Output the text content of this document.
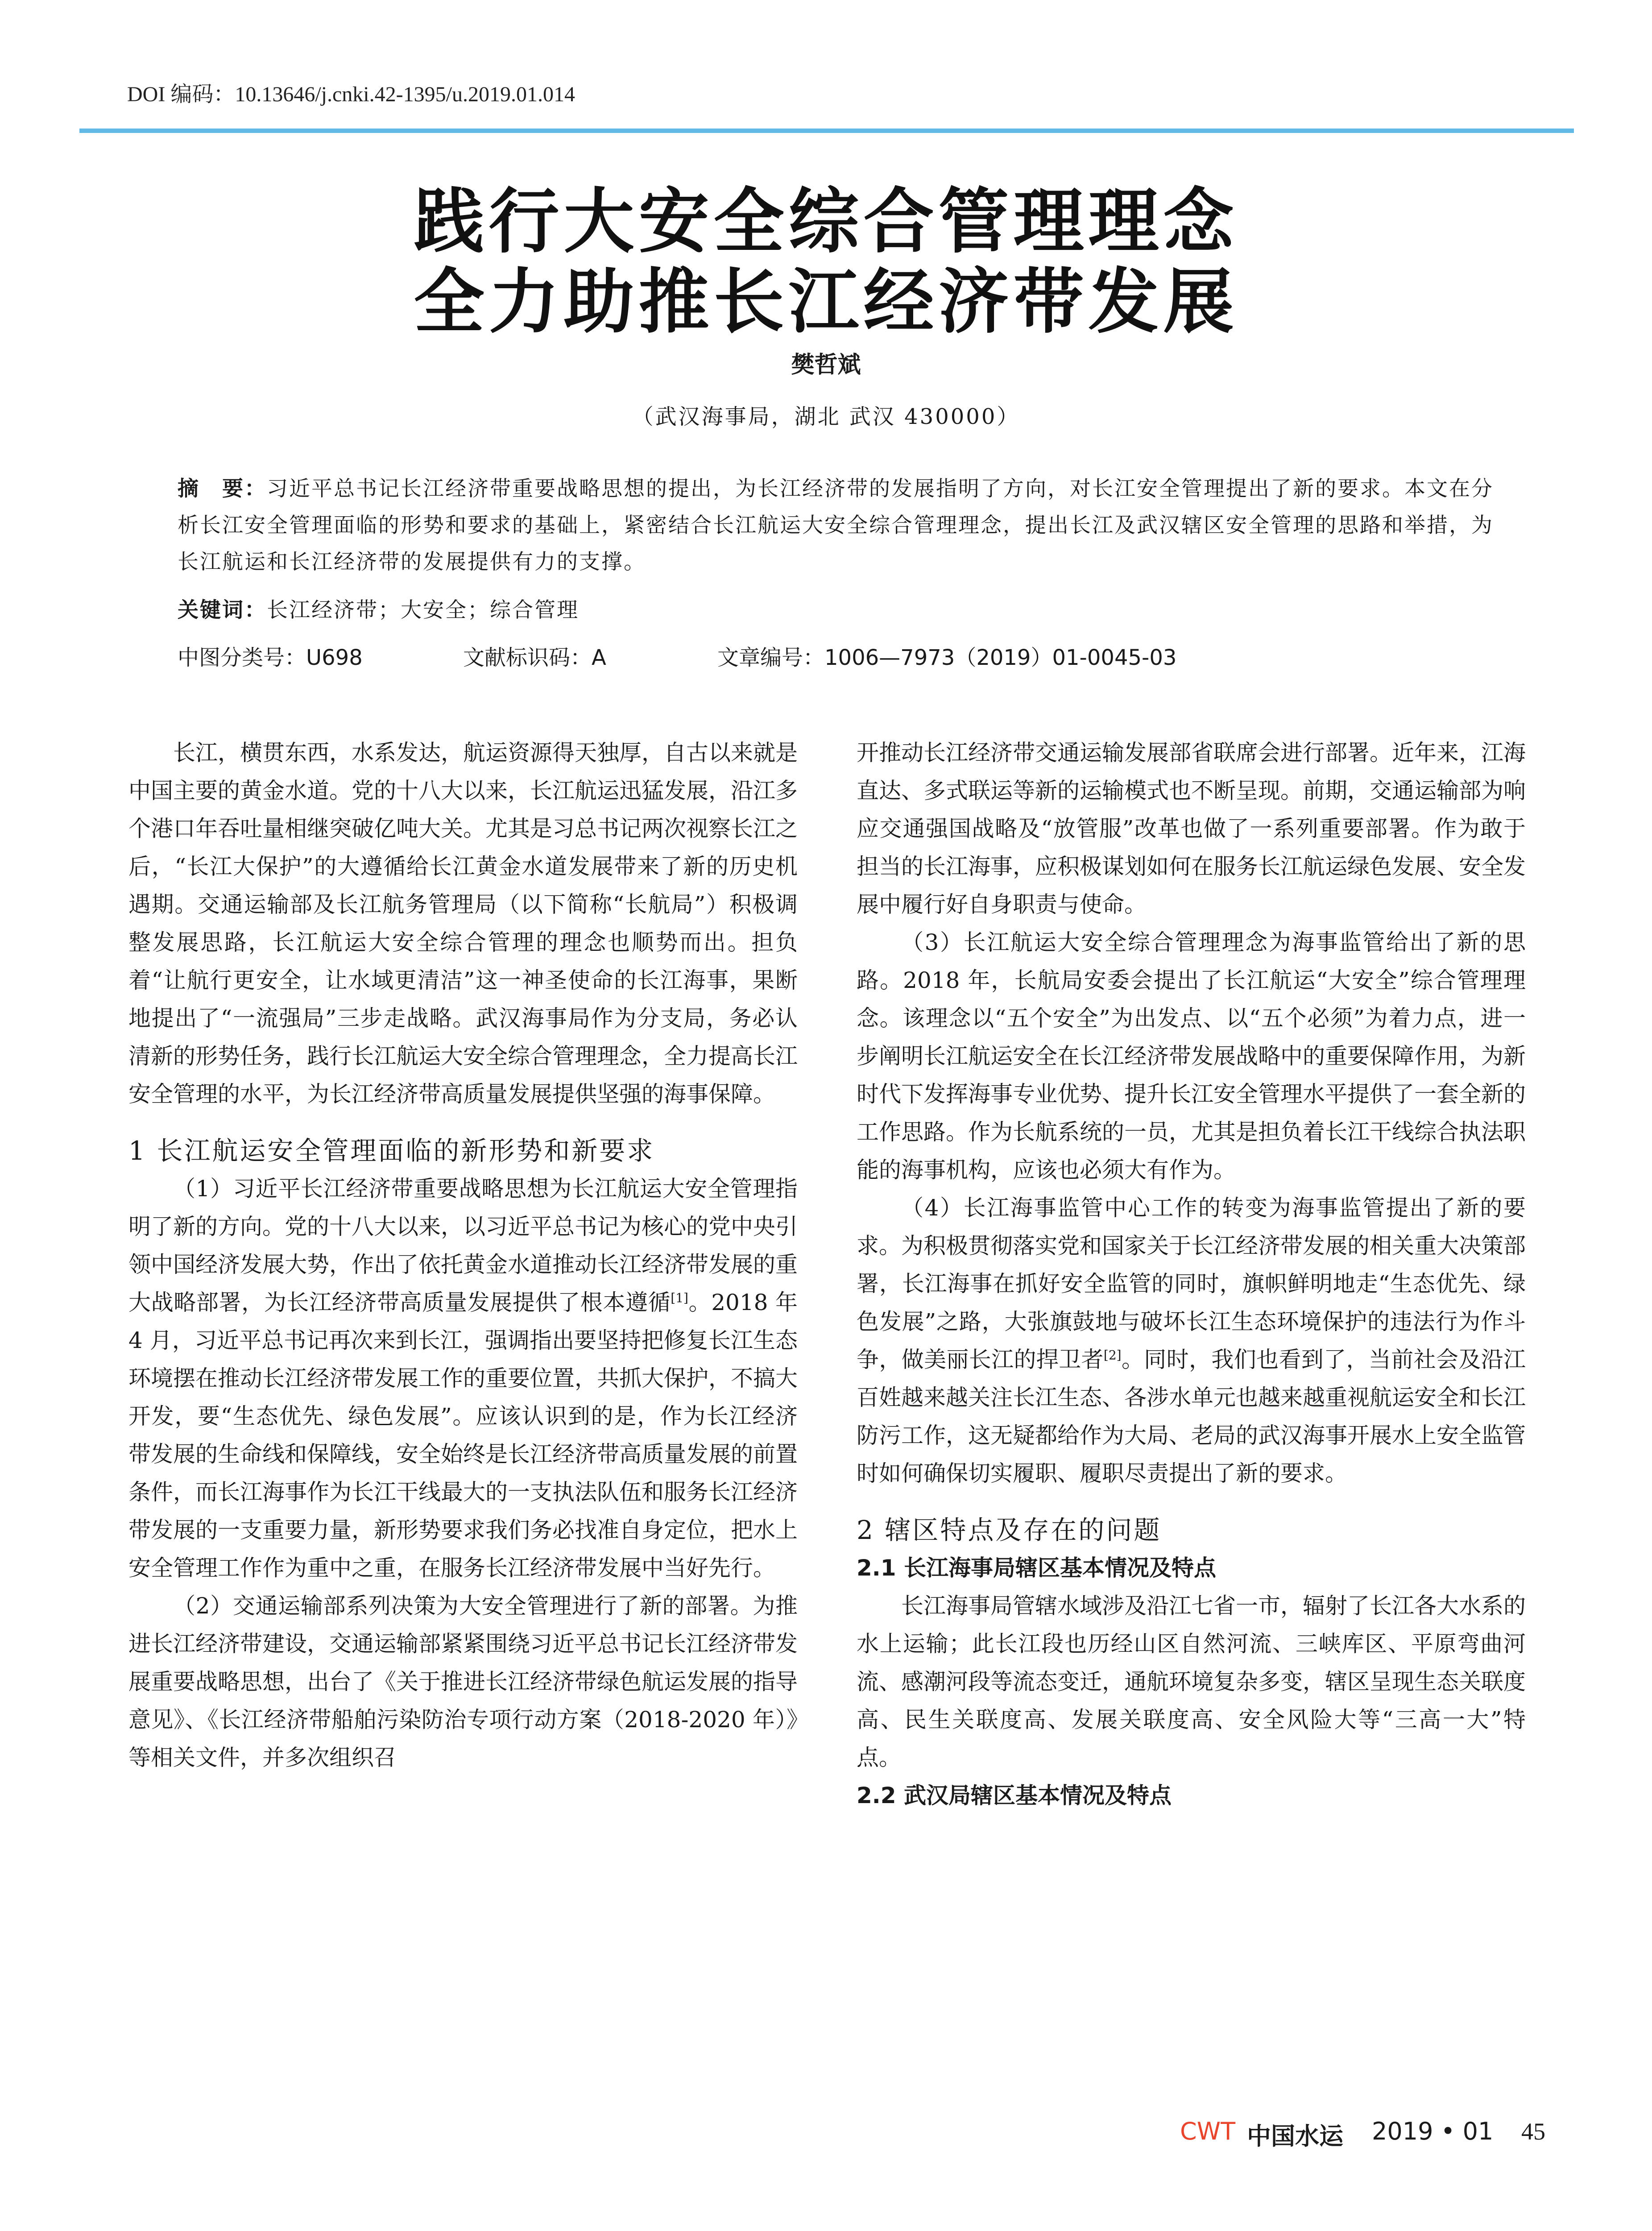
DOI 编码：10.13646/j.cnki.42-1395/u.2019.01.014
践行大安全综合管理理念
全力助推长江经济带发展
樊哲斌
（武汉海事局，湖北 武汉 430000）
摘　要：习近平总书记长江经济带重要战略思想的提出，为长江经济带的发展指明了方向，对长江安全管理提出了新的要求。本文在分析长江安全管理面临的形势和要求的基础上，紧密结合长江航运大安全综合管理理念，提出长江及武汉辖区安全管理的思路和举措，为长江航运和长江经济带的发展提供有力的支撑。
关键词：长江经济带；大安全；综合管理
中图分类号：U698	文献标识码：A	文章编号：1006—7973（2019）01-0045-03

长江，横贯东西，水系发达，航运资源得天独厚，自古以来就是中国主要的黄金水道。党的十八大以来，长江航运迅猛发展，沿江多个港口年吞吐量相继突破亿吨大关。尤其是习总书记两次视察长江之后，“长江大保护”的大遵循给长江黄金水道发展带来了新的历史机遇期。交通运输部及长江航务管理局（以下简称“长航局”）积极调整发展思路，长江航运大安全综合管理的理念也顺势而出。担负着“让航行更安全，让水域更清洁”这一神圣使命的长江海事，果断地提出了“一流强局”三步走战略。武汉海事局作为分支局，务必认清新的形势任务，践行长江航运大安全综合管理理念，全力提高长江安全管理的水平，为长江经济带高质量发展提供坚强的海事保障。

1 长江航运安全管理面临的新形势和新要求

（1）习近平长江经济带重要战略思想为长江航运大安全管理指明了新的方向。党的十八大以来，以习近平总书记为核心的党中央引领中国经济发展大势，作出了依托黄金水道推动长江经济带发展的重大战略部署，为长江经济带高质量发展提供了根本遵循[1]。2018 年 4 月，习近平总书记再次来到长江，强调指出要坚持把修复长江生态环境摆在推动长江经济带发展工作的重要位置，共抓大保护，不搞大开发，要“生态优先、绿色发展”。应该认识到的是，作为长江经济带发展的生命线和保障线，安全始终是长江经济带高质量发展的前置条件，而长江海事作为长江干线最大的一支执法队伍和服务长江经济带发展的一支重要力量，新形势要求我们务必找准自身定位，把水上安全管理工作作为重中之重，在服务长江经济带发展中当好先行。

（2）交通运输部系列决策为大安全管理进行了新的部署。为推进长江经济带建设，交通运输部紧紧围绕习近平总书记长江经济带发展重要战略思想，出台了《关于推进长江经济带绿色航运发展的指导意见》、《长江经济带船舶污染防治专项行动方案（2018-2020 年）》等相关文件，并多次组织召

开推动长江经济带交通运输发展部省联席会进行部署。近年来，江海直达、多式联运等新的运输模式也不断呈现。前期，交通运输部为响应交通强国战略及“放管服”改革也做了一系列重要部署。作为敢于担当的长江海事，应积极谋划如何在服务长江航运绿色发展、安全发展中履行好自身职责与使命。

（3）长江航运大安全综合管理理念为海事监管给出了新的思路。2018 年，长航局安委会提出了长江航运“大安全”综合管理理念。该理念以“五个安全”为出发点、以“五个必须”为着力点，进一步阐明长江航运安全在长江经济带发展战略中的重要保障作用，为新时代下发挥海事专业优势、提升长江安全管理水平提供了一套全新的工作思路。作为长航系统的一员，尤其是担负着长江干线综合执法职能的海事机构，应该也必须大有作为。

（4）长江海事监管中心工作的转变为海事监管提出了新的要求。为积极贯彻落实党和国家关于长江经济带发展的相关重大决策部署，长江海事在抓好安全监管的同时，旗帜鲜明地走“生态优先、绿色发展”之路，大张旗鼓地与破坏长江生态环境保护的违法行为作斗争，做美丽长江的捍卫者[2]。同时，我们也看到了，当前社会及沿江百姓越来越关注长江生态、各涉水单元也越来越重视航运安全和长江防污工作，这无疑都给作为大局、老局的武汉海事开展水上安全监管时如何确保切实履职、履职尽责提出了新的要求。

2 辖区特点及存在的问题
2.1 长江海事局辖区基本情况及特点

长江海事局管辖水域涉及沿江七省一市，辐射了长江各大水系的水上运输；此长江段也历经山区自然河流、三峡库区、平原弯曲河流、感潮河段等流态变迁，通航环境复杂多变，辖区呈现生态关联度高、民生关联度高、发展关联度高、安全风险大等“三高一大”特点。

2.2 武汉局辖区基本情况及特点
CWT 中国水运 2019 • 01 45
